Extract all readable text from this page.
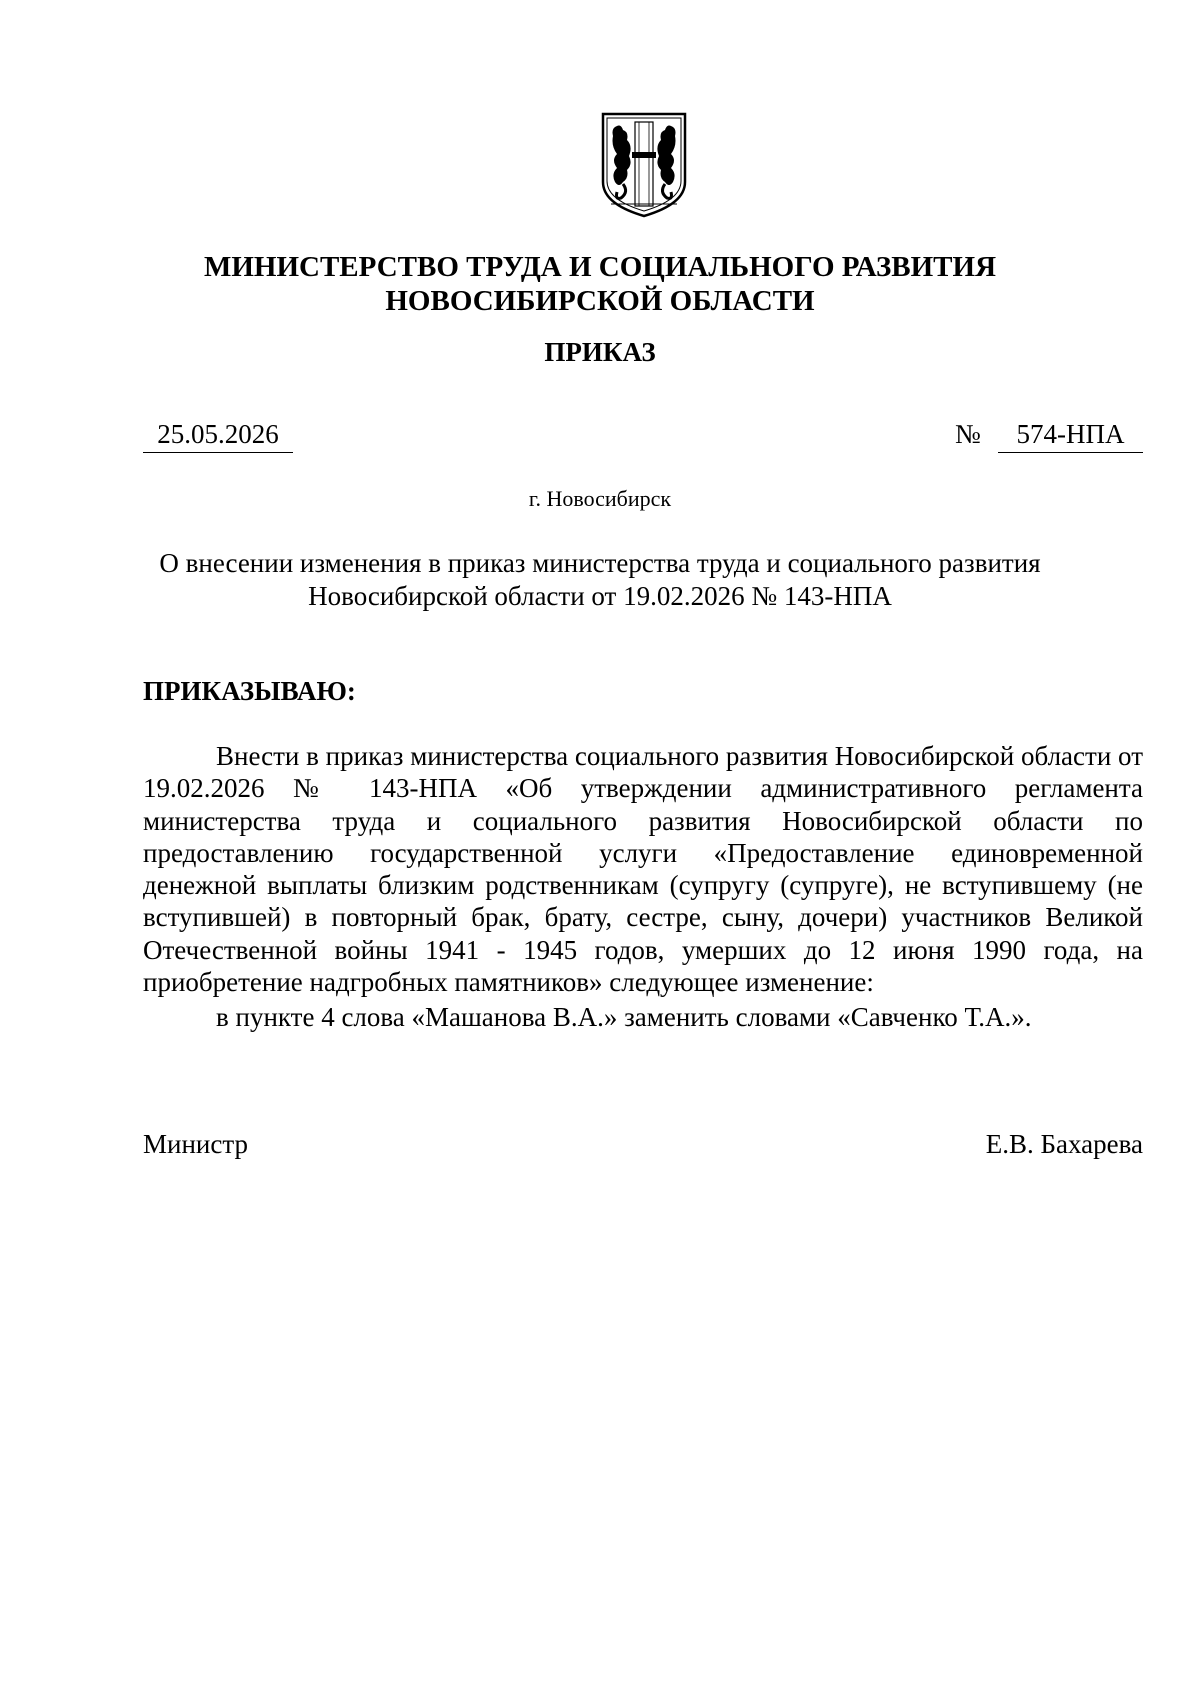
МИНИСТЕРСТВО ТРУДА И СОЦИАЛЬНОГО РАЗВИТИЯ
НОВОСИБИРСКОЙ ОБЛАСТИ
ПРИКАЗ
25.05.2026	№	574-НПА
г. Новосибирск
О внесении изменения в приказ министерства труда и социального развития
Новосибирской области от 19.02.2026 № 143-НПА
ПРИКАЗЫВАЮ:

Внести в приказ министерства социального развития Новосибирской области от 19.02.2026 № 143-НПА «Об утверждении административного регламента министерства труда и социального развития Новосибирской области по предоставлению государственной услуги «Предоставление единовременной денежной выплаты близким родственникам (супругу (супруге), не вступившему (не вступившей) в повторный брак, брату, сестре, сыну, дочери) участников Великой Отечественной войны 1941 - 1945 годов, умерших до 12 июня 1990 года, на приобретение надгробных памятников» следующее изменение:

в пункте 4 слова «Машанова В.А.» заменить словами «Савченко Т.А.».

Министр	Е.В. Бахарева
